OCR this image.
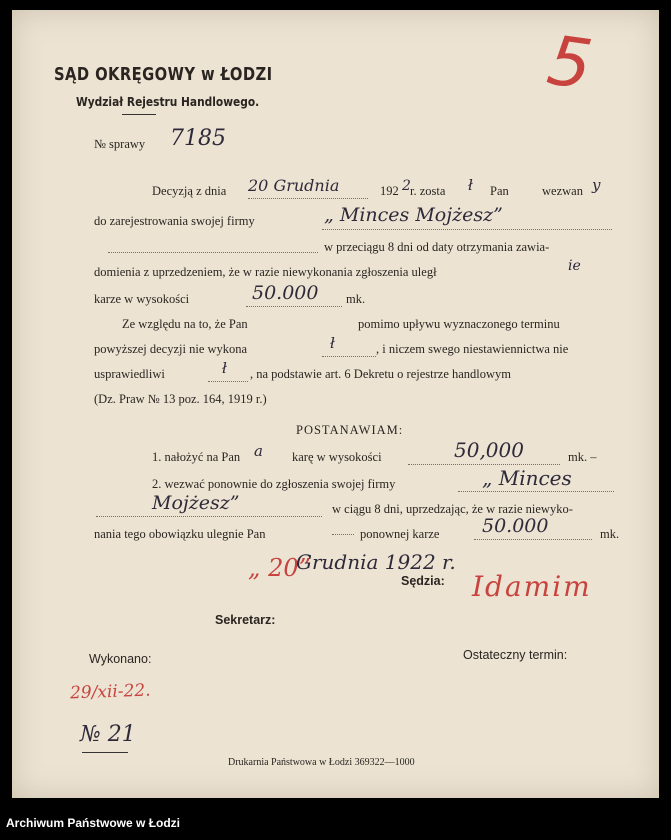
SĄD OKRĘGOWY w ŁODZI
Wydział Rejestru Handlowego.
№ sprawy 7185
5
Decyzją z dnia 20 Grudnia	192 2 r. zosta ł Pan	wezwan y
do zarejestrowania swojej firmy	„ Minces Mojżesz”
w przeciągu 8 dni od daty otrzymania zawia-
domienia z uprzedzeniem, że w razie niewykonania zgłoszenia uległ	ie
karze w wysokości	50.000 mk.
Ze względu na to, że Pan	pomimo upływu wyznaczonego terminu
powyższej decyzji nie wykona	ł	, i niczem swego niestawiennictwa nie
usprawiedliwi	ł , na podstawie art. 6 Dekretu o rejestrze handlowym
(Dz. Praw № 13 poz. 164, 1919 r.)
POSTANAWIAM:
1. nałożyć na Pan a karę w wysokości	50,000	mk. –
2. wezwać ponownie do zgłoszenia swojej firmy	„ Minces
Mojżesz”	w ciągu 8 dni, uprzedzając, że w razie niewyko-
nania tego obowiązku ulegnie Pan	ponownej karze 50.000	mk.
„ 20”
Grudnia 1922 r.
Sędzia: Idamim
Sekretarz:
Wykonano:	Ostateczny termin:
29/xii-22.
№ 21
Drukarnia Państwowa w Łodzi 369322—1000
Archiwum Państwowe w Łodzi
